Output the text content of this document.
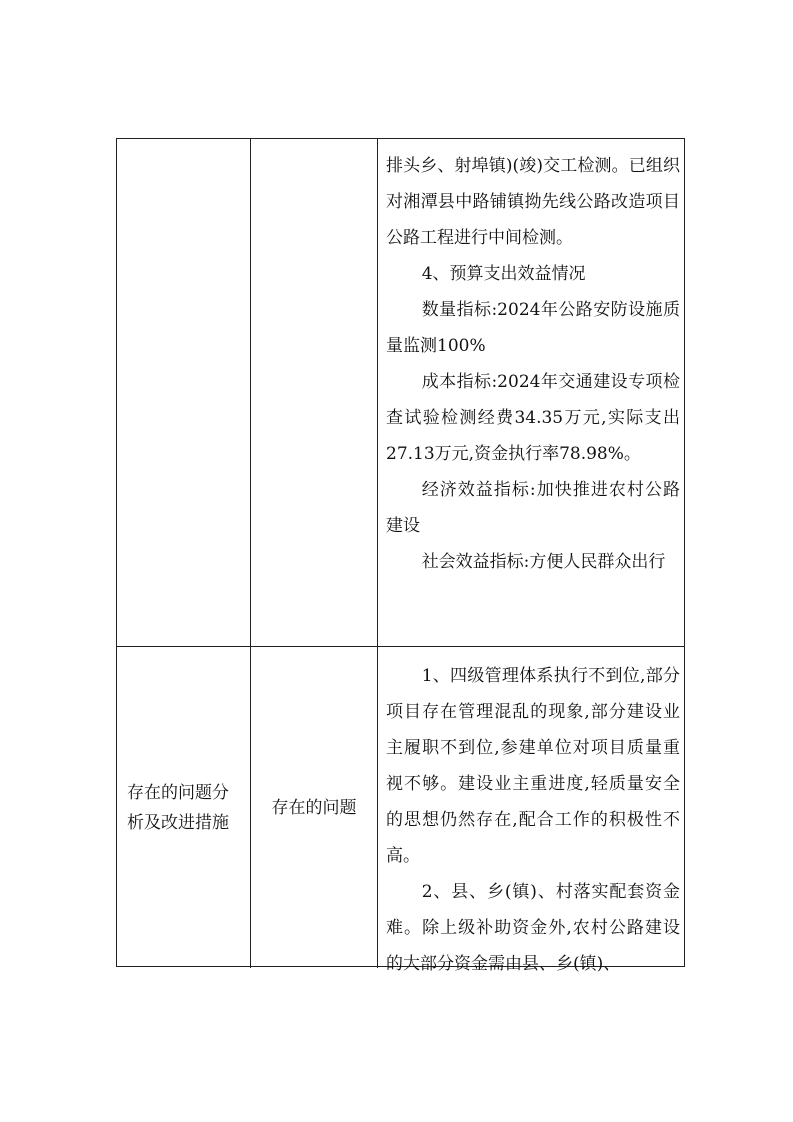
排头乡、射埠镇)(竣)交工检测。已组织对湘潭县中路铺镇拗先线公路改造项目公路工程进行中间检测。

4、预算支出效益情况

数量指标:2024年公路安防设施质量监测100%

成本指标:2024年交通建设专项检查试验检测经费34.35万元,实际支出27.13万元,资金执行率78.98%。

经济效益指标:加快推进农村公路建设

社会效益指标:方便人民群众出行

存在的问题分析及改进措施
存在的问题

1、四级管理体系执行不到位,部分项目存在管理混乱的现象,部分建设业主履职不到位,参建单位对项目质量重视不够。建设业主重进度,轻质量安全的思想仍然存在,配合工作的积极性不高。

2、县、乡(镇)、村落实配套资金难。除上级补助资金外,农村公路建设的大部分资金需由县、乡(镇)、
